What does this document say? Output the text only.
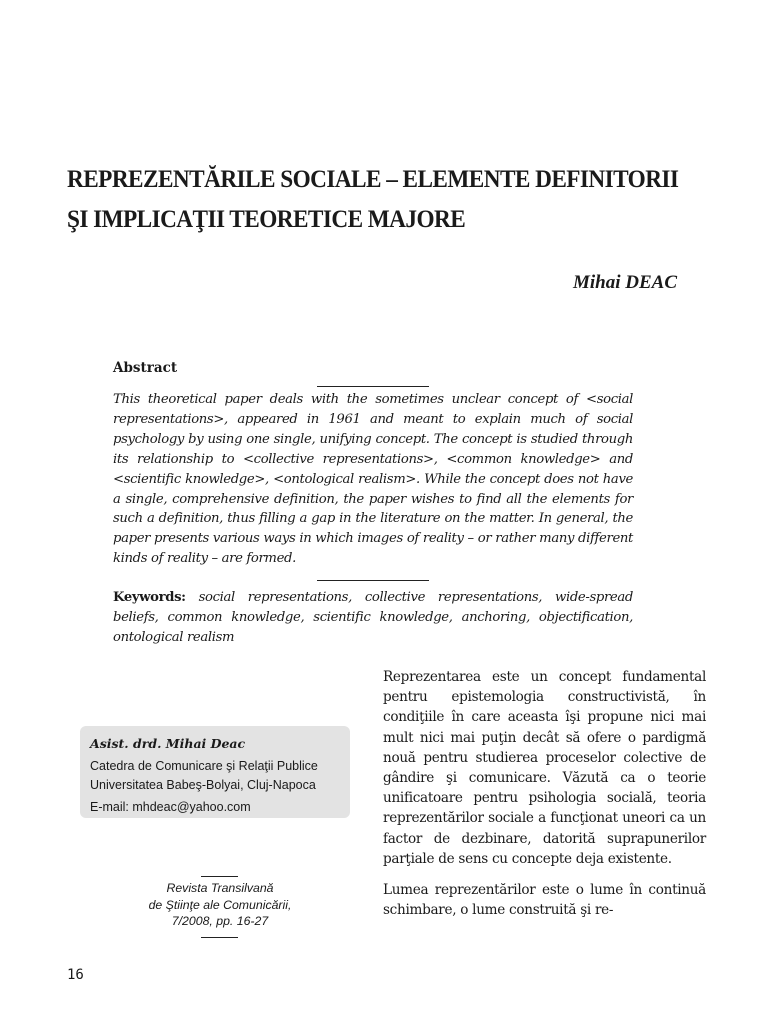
REPREZENTĂRILE SOCIALE – ELEMENTE DEFINITORII
ŞI IMPLICAŢII TEORETICE MAJORE

Mihai DEAC

Abstract

This theoretical paper deals with the sometimes unclear concept of <social representations>, appeared in 1961 and meant to explain much of social psychology by using one single, unifying concept. The concept is studied through its relationship to <collective representations>, <common knowledge> and <scientific knowledge>, <ontological realism>. While the concept does not have a single, comprehensive definition, the paper wishes to find all the elements for such a definition, thus filling a gap in the literature on the matter. In general, the paper presents various ways in which images of reality – or rather many different kinds of reality – are formed.

Keywords: social representations, collective representations, wide-spread beliefs, common knowledge, scientific knowledge, anchoring, objectification, ontological realism

Asist. drd. Mihai Deac
Catedra de Comunicare şi Relaţii Publice
Universitatea Babeş-Bolyai, Cluj-Napoca
E-mail: mhdeac@yahoo.com
Revista Transilvană
de Ştiinţe ale Comunicării,
7/2008, pp. 16-27

Reprezentarea este un concept fundamental pentru epistemologia constructivistă, în condiţiile în care aceasta îşi propune nici mai mult nici mai puţin decât să ofere o pardigmă nouă pentru studierea proceselor colective de gândire şi comunicare. Văzută ca o teorie unificatoare pentru psihologia socială, teoria reprezentărilor sociale a funcţionat uneori ca un factor de dezbinare, datorită suprapunerilor parţiale de sens cu concepte deja existente.

Lumea reprezentărilor este o lume în continuă schimbare, o lume construită şi re-

16
